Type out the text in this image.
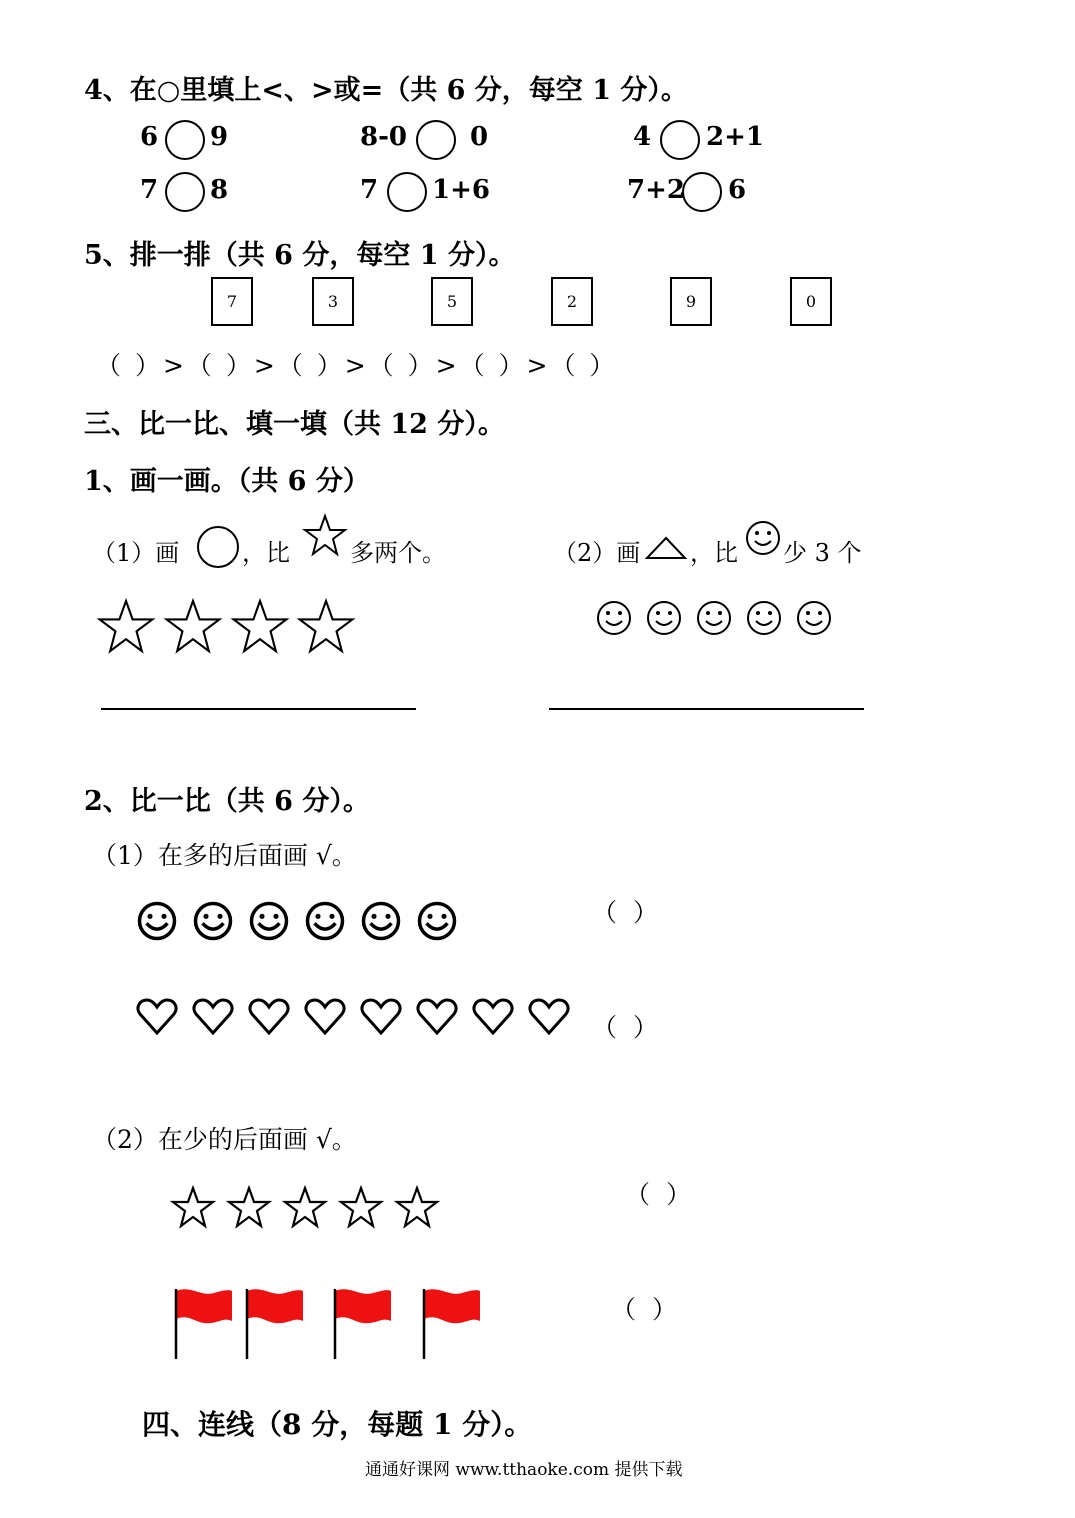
4、在○里填上<、>或=（共 6 分，每空 1 分）。
6 9	8-0 0	4 2+1
7 8	7 1+6	7+2 6
5、排一排（共 6 分，每空 1 分）。
7	3	5	2	9	0
（ ）>（ ）>（ ）>（ ）>（ ）>（ ）
三、比一比、填一填（共 12 分）。
1、画一画。（共 6 分）
（1）画	，比	多两个。	（2）画 ，比 少 3 个
2、比一比（共 6 分）。
（1）在多的后面画 √。
（ ）
（ ）
（2）在少的后面画 √。
（ ）
（ ）
四、连线（8 分，每题 1 分）。
通通好课网 www.tthaoke.com 提供下载
